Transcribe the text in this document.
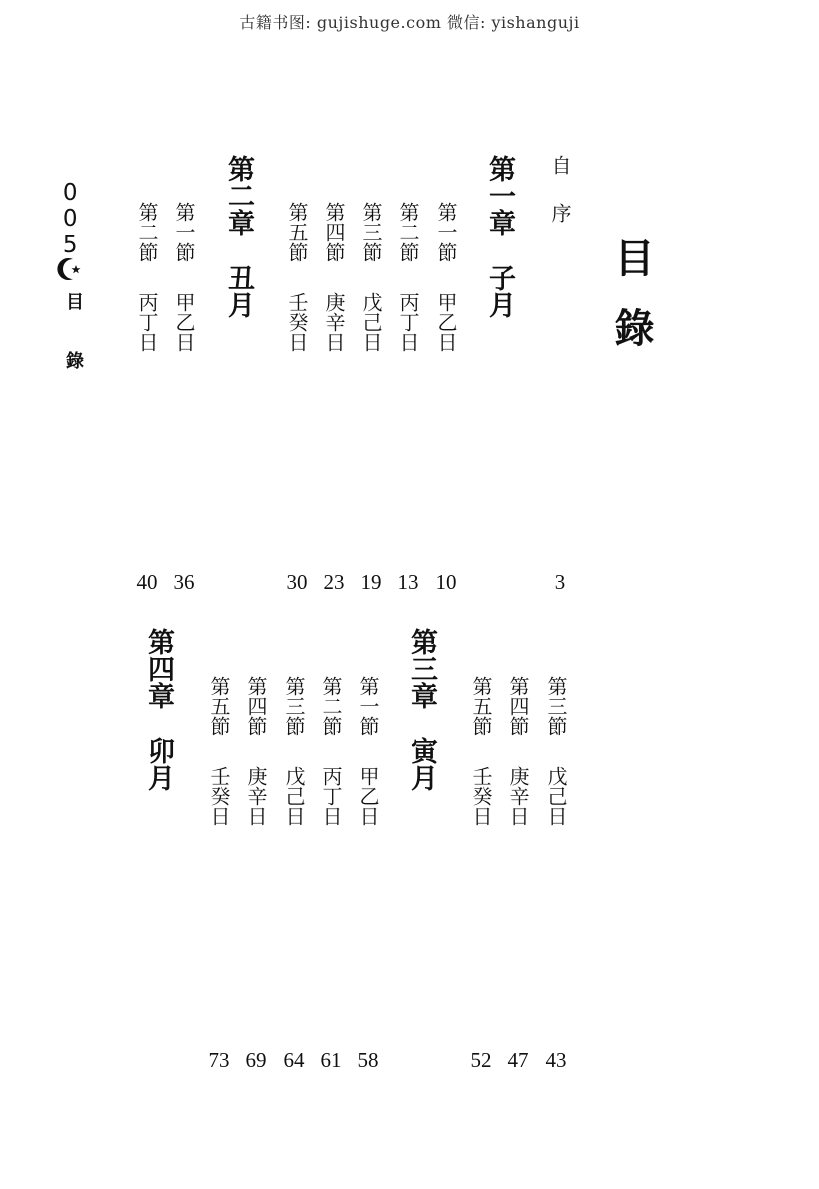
古籍书图: gujishuge.com 微信: yishanguji
目錄
005
目 錄
自序
3
第一章子月
第一節甲乙日
10
第二節丙丁日
13
第三節戊己日
19
第四節庚辛日
23
第五節壬癸日
30
第二章丑月
第一節甲乙日
36
第二節丙丁日
40
第三節戊己日
43
第四節庚辛日
47
第五節壬癸日
52
第三章寅月
第一節甲乙日
58
第二節丙丁日
61
第三節戊己日
64
第四節庚辛日
69
第五節壬癸日
73
第四章卯月
